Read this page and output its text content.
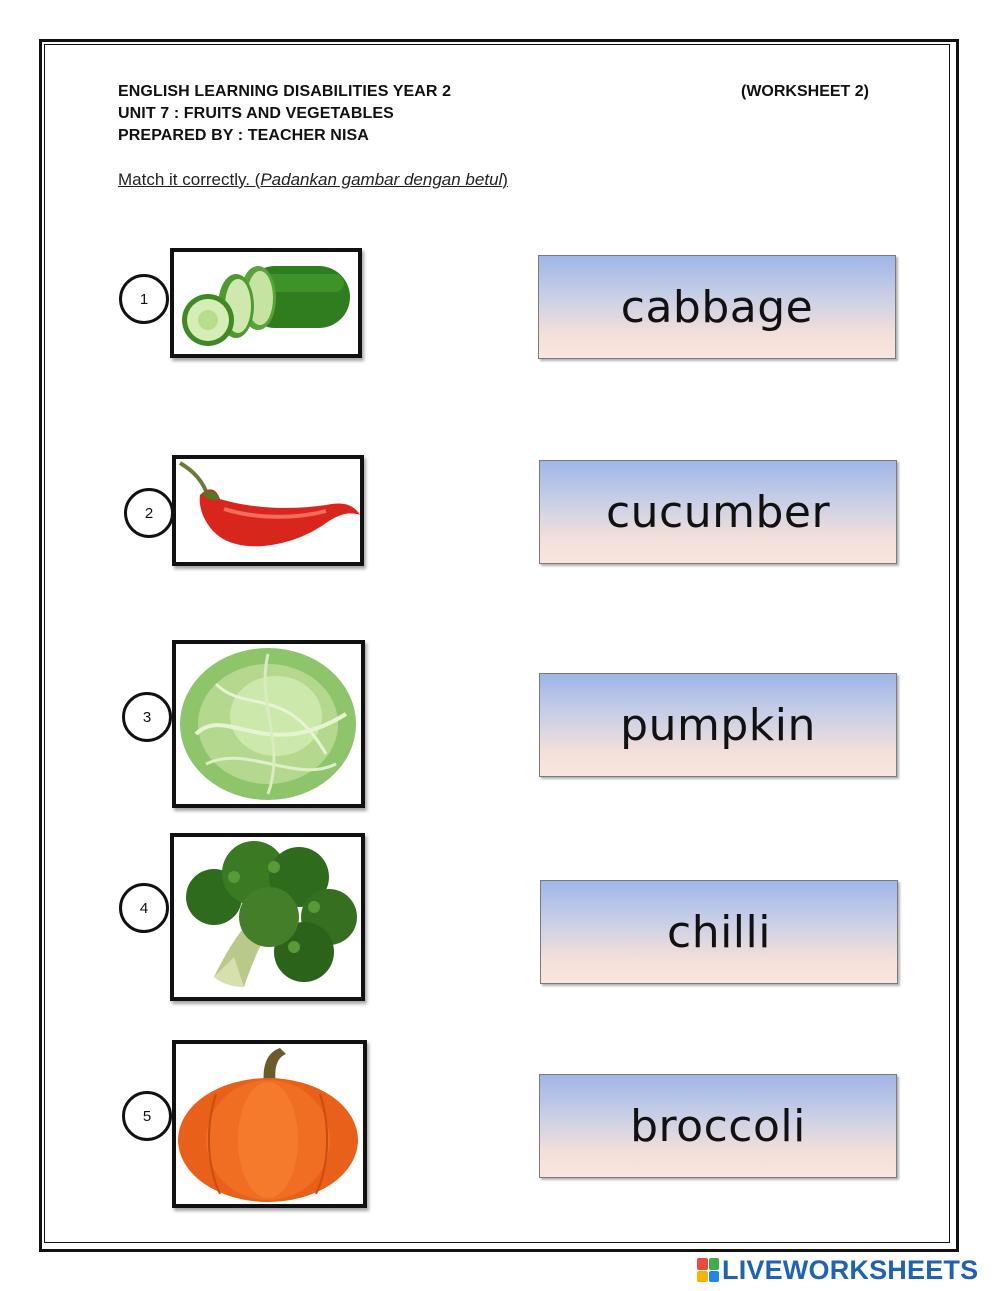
ENGLISH LEARNING DISABILITIES YEAR 2
UNIT 7 : FRUITS AND VEGETABLES
PREPARED BY : TEACHER NISA
(WORKSHEET 2)
Match it correctly. (Padankan gambar dengan betul)
1	cabbage
2	cucumber
3	pumpkin
4	chilli
5	broccoli
LIVEWORKSHEETS
